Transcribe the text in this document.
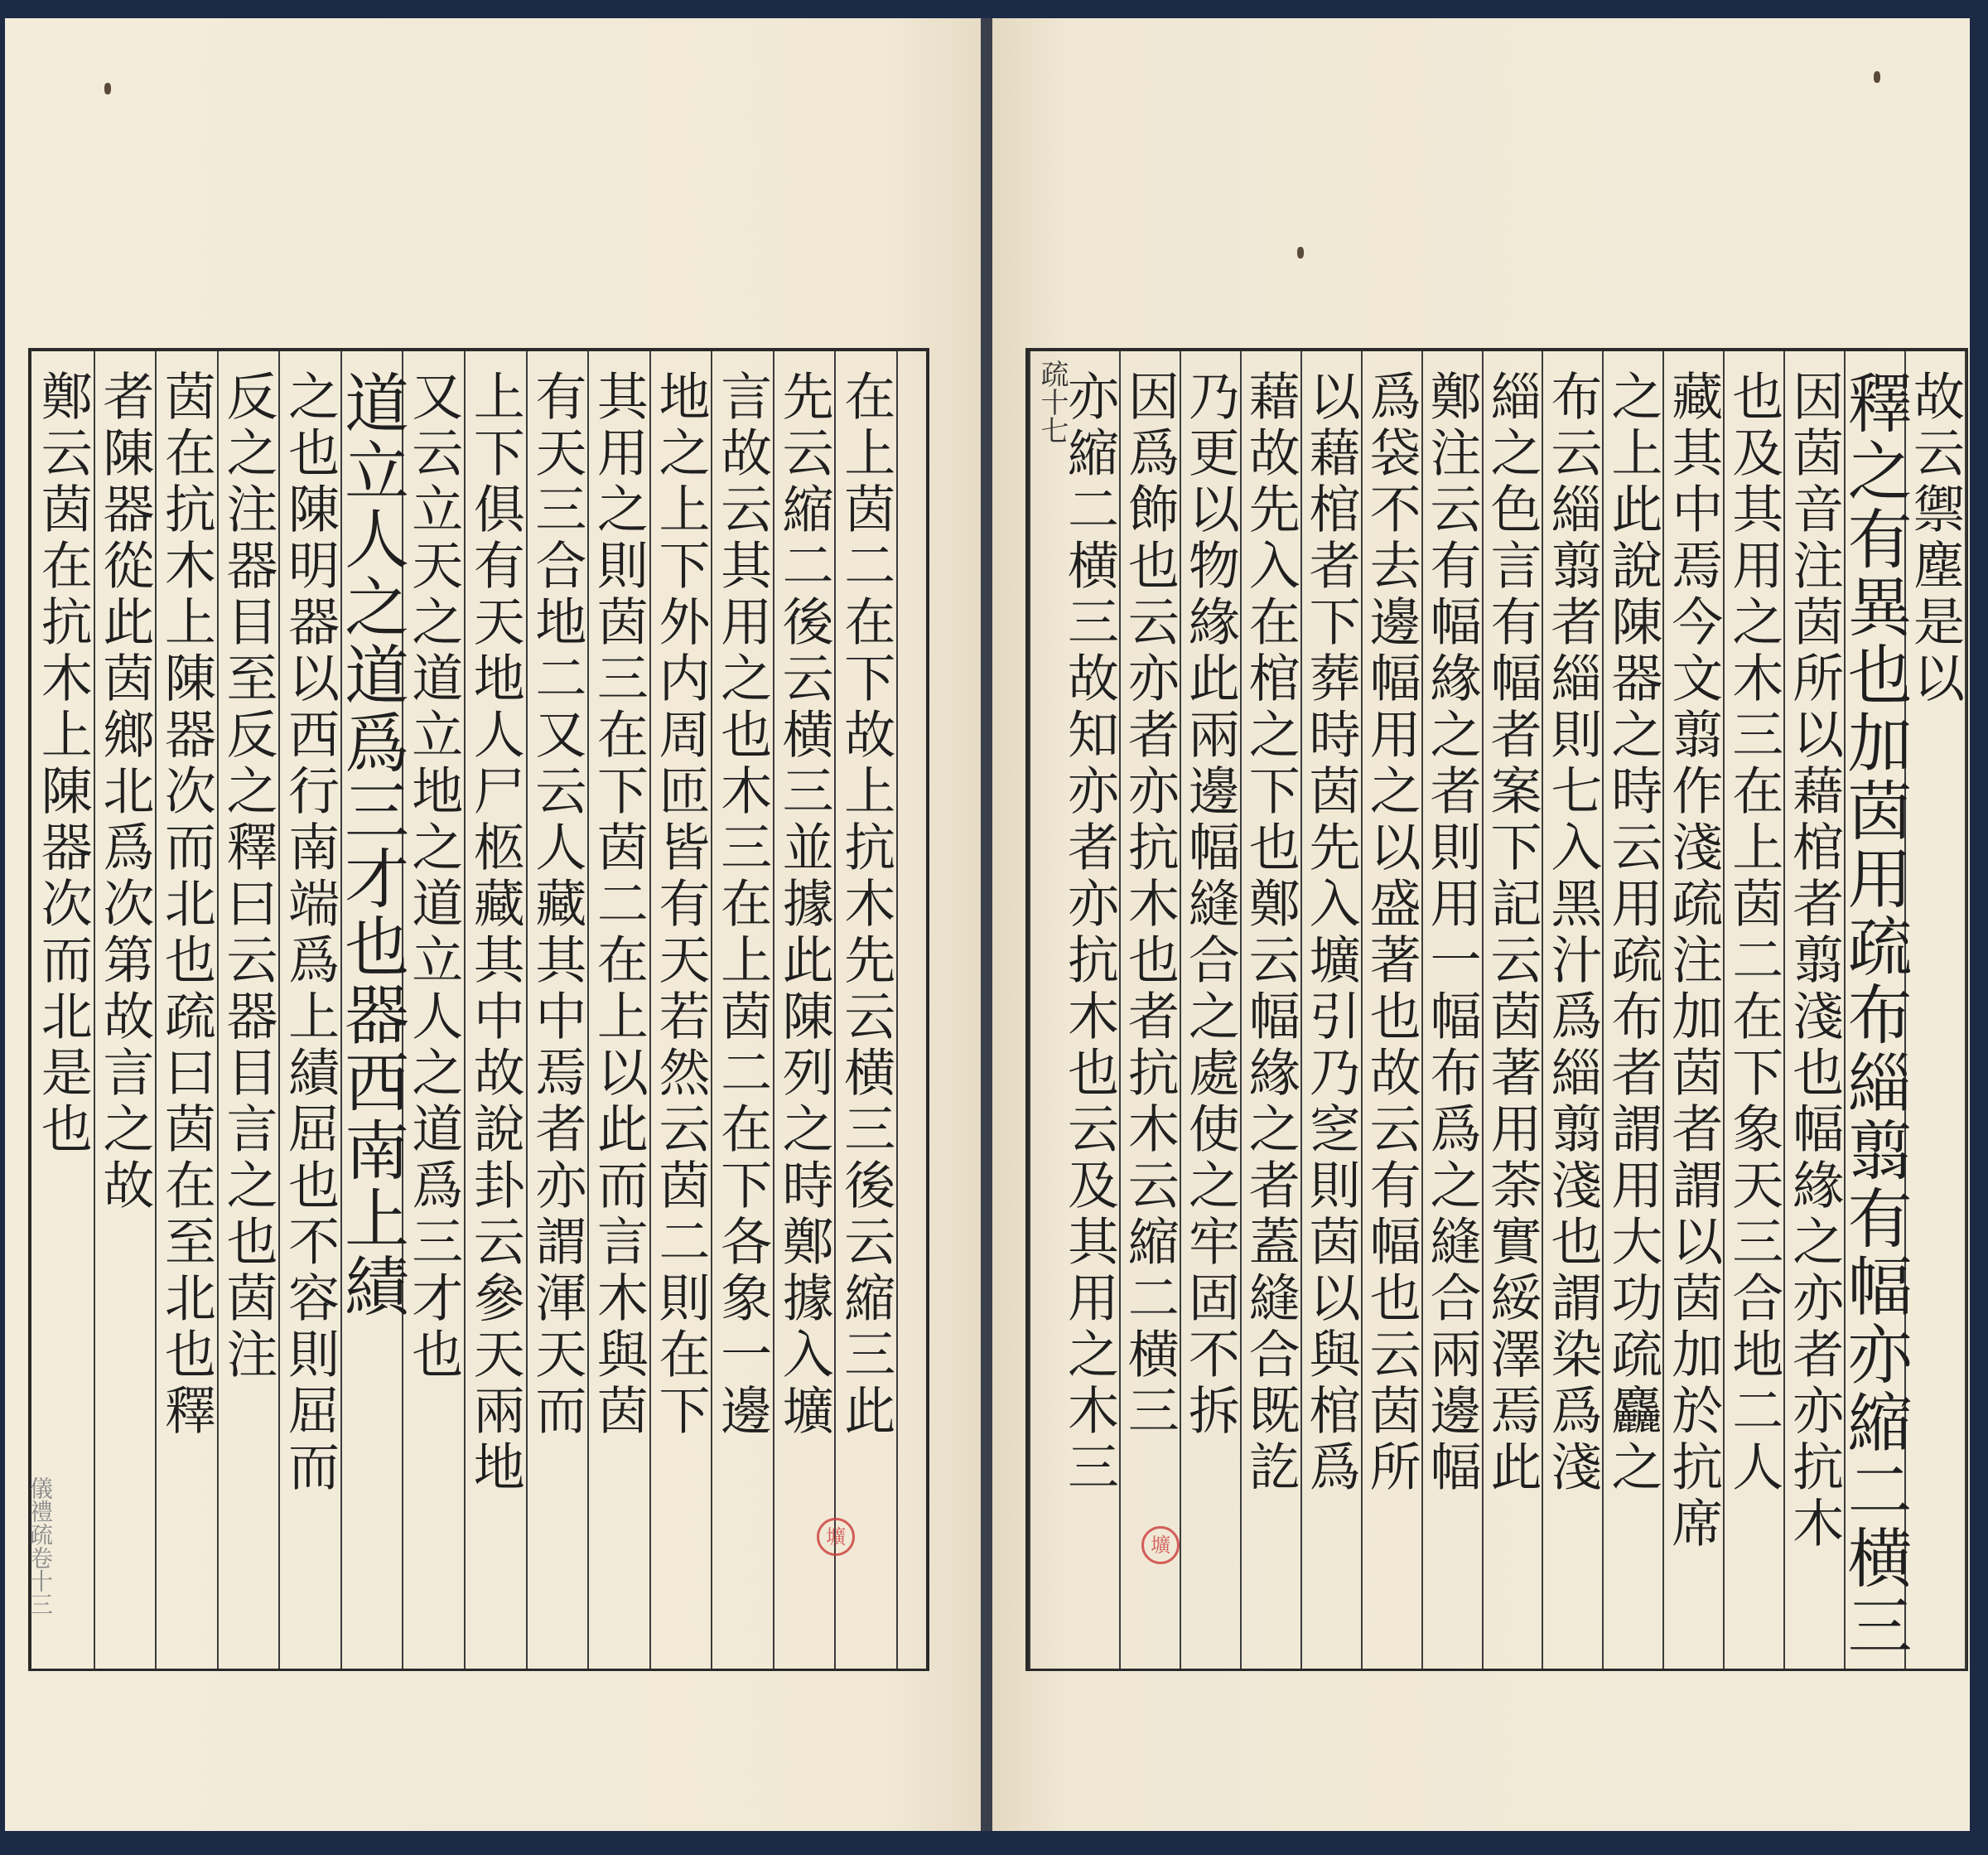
在上茵二在下故上抗木先云横三後云縮三此
先云縮二後云横三並據此陳列之時鄭據入壙
言故云其用之也木三在上茵二在下各象一邊
地之上下外内周匝皆有天若然云茵二則在下
其用之則茵三在下茵二在上以此而言木與茵
有天三合地二又云人藏其中焉者亦謂渾天而
上下俱有天地人尸柩藏其中故說卦云參天兩地
又云立天之道立地之道立人之道爲三才也
道立人之道爲三才也器西南上績
之也陳明器以西行南端爲上績屈也不容則屈而
反之注器目至反之釋曰云器目言之也茵注
茵在抗木上陳器次而北也疏曰茵在至北也釋
者陳器從此茵鄉北爲次第故言之故
鄭云茵在抗木上陳器次而北是也
儀禮疏卷十三	壙
故云禦塵是以
釋之有異也加茵用疏布緇翦有幅亦縮二横三
因茵音注茵所以藉棺者翦淺也幅緣之亦者亦抗木
也及其用之木三在上茵二在下象天三合地二人
藏其中焉今文翦作淺疏注加茵者謂以茵加於抗席
之上此說陳器之時云用疏布者謂用大功疏麤之
布云緇翦者緇則七入黑汁爲緇翦淺也謂染爲淺
緇之色言有幅者案下記云茵著用荼實綏澤焉此
鄭注云有幅緣之者則用一幅布爲之縫合兩邊幅
爲袋不去邊幅用之以盛著也故云有幅也云茵所
以藉棺者下葬時茵先入壙引乃窆則茵以與棺爲
藉故先入在棺之下也鄭云幅緣之者蓋縫合既訖
乃更以物緣此兩邊幅縫合之處使之牢固不拆
因爲飾也云亦者亦抗木也者抗木云縮二横三
亦縮二横三故知亦者亦抗木也云及其用之木三
疏十七
壙
